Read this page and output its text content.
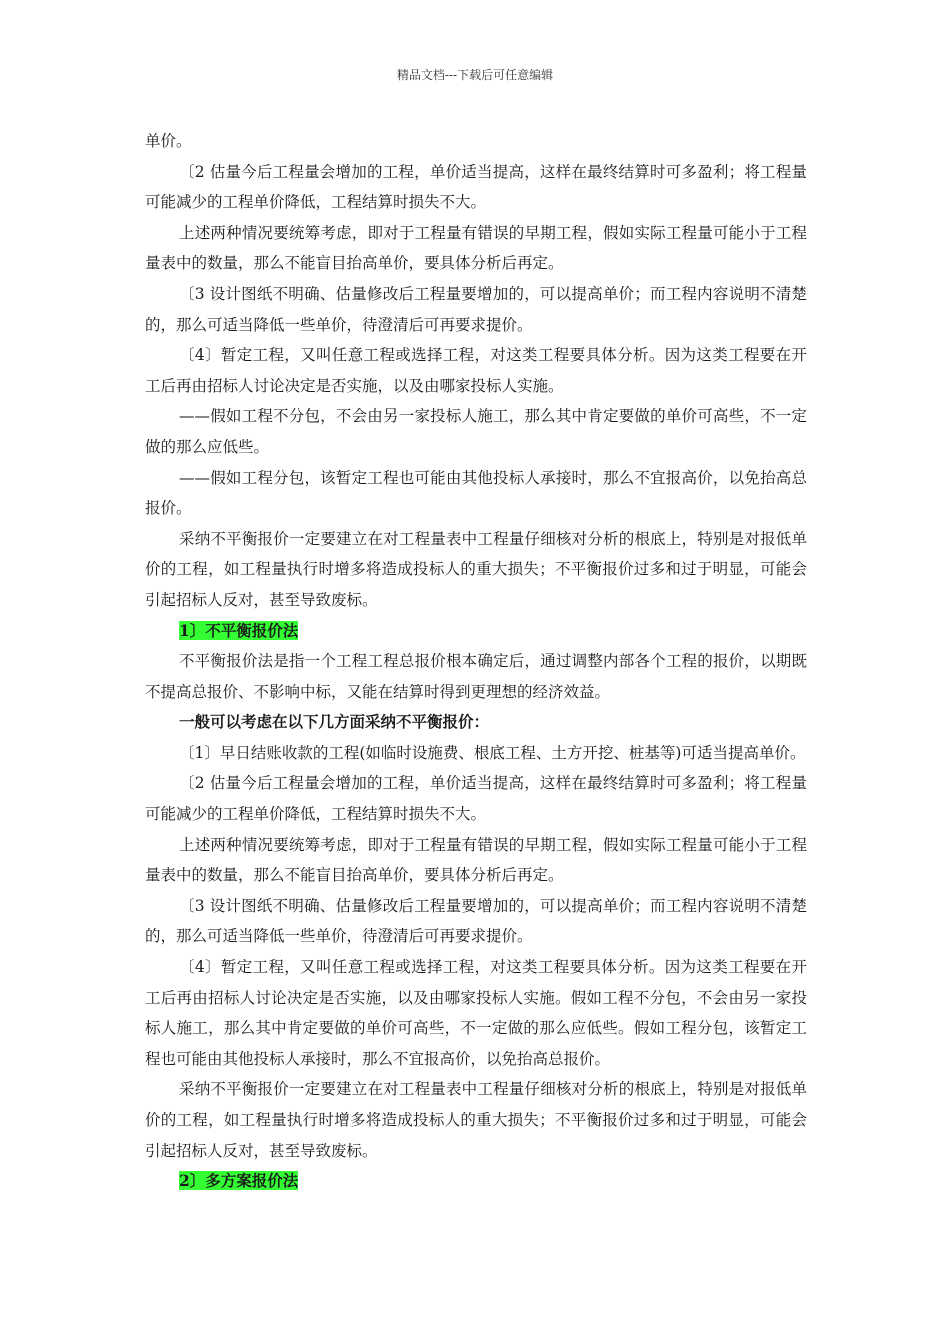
精品文档---下载后可任意编辑

单价。

〔2 估量今后工程量会增加的工程，单价适当提高，这样在最终结算时可多盈利；将工程量可能减少的工程单价降低，工程结算时损失不大。

上述两种情况要统筹考虑，即对于工程量有错误的早期工程，假如实际工程量可能小于工程量表中的数量，那么不能盲目抬高单价，要具体分析后再定。

〔3 设计图纸不明确、估量修改后工程量要增加的，可以提高单价；而工程内容说明不清楚的，那么可适当降低一些单价，待澄清后可再要求提价。

〔4〕暂定工程，又叫任意工程或选择工程，对这类工程要具体分析。因为这类工程要在开工后再由招标人讨论决定是否实施，以及由哪家投标人实施。

——假如工程不分包，不会由另一家投标人施工，那么其中肯定要做的单价可高些，不一定做的那么应低些。

——假如工程分包，该暂定工程也可能由其他投标人承接时，那么不宜报高价，以免抬高总报价。

采纳不平衡报价一定要建立在对工程量表中工程量仔细核对分析的根底上，特别是对报低单价的工程，如工程量执行时增多将造成投标人的重大损失；不平衡报价过多和过于明显，可能会引起招标人反对，甚至导致废标。

1〕不平衡报价法

不平衡报价法是指一个工程工程总报价根本确定后，通过调整内部各个工程的报价，以期既不提高总报价、不影响中标，又能在结算时得到更理想的经济效益。

一般可以考虑在以下几方面采纳不平衡报价：

〔1〕早日结账收款的工程(如临时设施费、根底工程、土方开挖、桩基等)可适当提高单价。

〔2 估量今后工程量会增加的工程，单价适当提高，这样在最终结算时可多盈利；将工程量可能减少的工程单价降低，工程结算时损失不大。

上述两种情况要统筹考虑，即对于工程量有错误的早期工程，假如实际工程量可能小于工程量表中的数量，那么不能盲目抬高单价，要具体分析后再定。

〔3 设计图纸不明确、估量修改后工程量要增加的，可以提高单价；而工程内容说明不清楚的，那么可适当降低一些单价，待澄清后可再要求提价。

〔4〕暂定工程，又叫任意工程或选择工程，对这类工程要具体分析。因为这类工程要在开工后再由招标人讨论决定是否实施，以及由哪家投标人实施。假如工程不分包，不会由另一家投标人施工，那么其中肯定要做的单价可高些，不一定做的那么应低些。假如工程分包，该暂定工程也可能由其他投标人承接时，那么不宜报高价，以免抬高总报价。

采纳不平衡报价一定要建立在对工程量表中工程量仔细核对分析的根底上，特别是对报低单价的工程，如工程量执行时增多将造成投标人的重大损失；不平衡报价过多和过于明显，可能会引起招标人反对，甚至导致废标。

2〕多方案报价法
